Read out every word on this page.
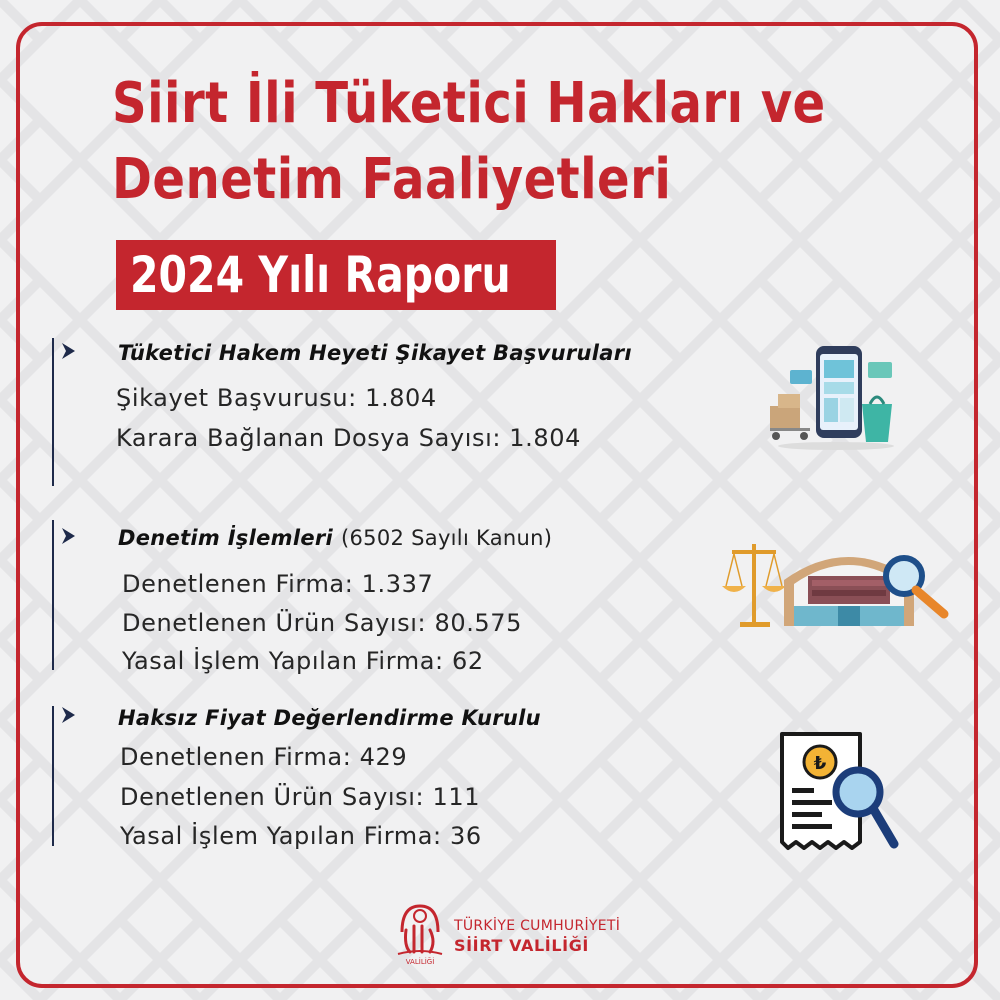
Siirt İli Tüketici Hakları ve
Denetim Faaliyetleri
2024 Yılı Raporu
Tüketici Hakem Heyeti Şikayet Başvuruları
Şikayet Başvurusu: 1.804
Karara Bağlanan Dosya Sayısı: 1.804
Denetim İşlemleri (6502 Sayılı Kanun)
Denetlenen Firma: 1.337
Denetlenen Ürün Sayısı: 80.575
Yasal İşlem Yapılan Firma: 62
Haksız Fiyat Değerlendirme Kurulu
Denetlenen Firma: 429
Denetlenen Ürün Sayısı: 111
Yasal İşlem Yapılan Firma: 36
₺
VALİLİĞİ
TÜRKİYE CUMHURİYETİ
SİİRT VALİLİĞİ
